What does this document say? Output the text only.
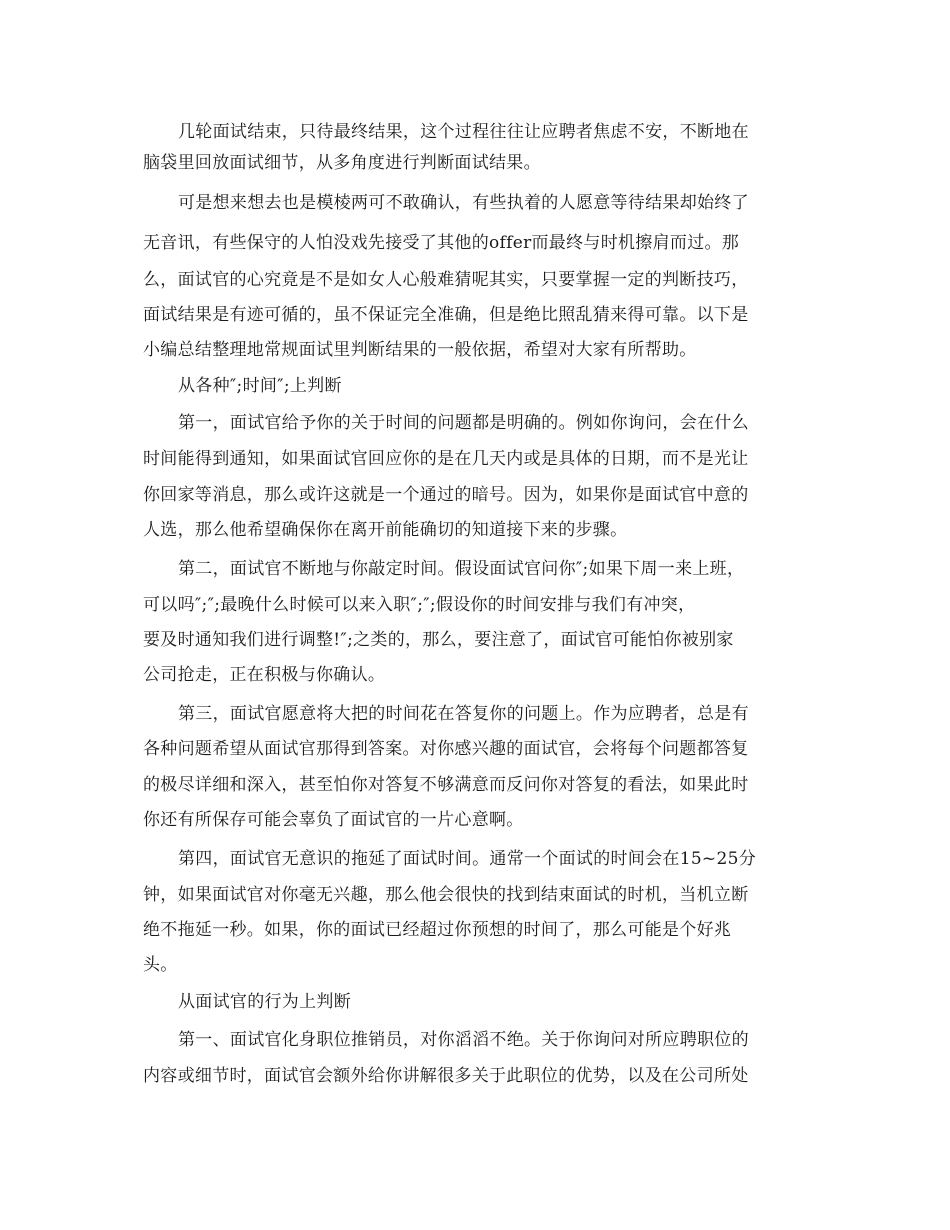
几轮面试结束，只待最终结果，这个过程往往让应聘者焦虑不安，不断地在
脑袋里回放面试细节，从多角度进行判断面试结果。
可是想来想去也是模棱两可不敢确认，有些执着的人愿意等待结果却始终了
无音讯，有些保守的人怕没戏先接受了其他的offer而最终与时机擦肩而过。那
么，面试官的心究竟是不是如女人心般难猜呢其实，只要掌握一定的判断技巧，
面试结果是有迹可循的，虽不保证完全准确，但是绝比照乱猜来得可靠。以下是
小编总结整理地常规面试里判断结果的一般依据，希望对大家有所帮助。
从各种″;时间″;上判断
第一，面试官给予你的关于时间的问题都是明确的。例如你询问，会在什么
时间能得到通知，如果面试官回应你的是在几天内或是具体的日期，而不是光让
你回家等消息，那么或许这就是一个通过的暗号。因为，如果你是面试官中意的
人选，那么他希望确保你在离开前能确切的知道接下来的步骤。
第二，面试官不断地与你敲定时间。假设面试官问你″;如果下周一来上班，
可以吗″;″;最晚什么时候可以来入职″;″;假设你的时间安排与我们有冲突，
要及时通知我们进行调整!″;之类的，那么，要注意了，面试官可能怕你被别家
公司抢走，正在积极与你确认。
第三，面试官愿意将大把的时间花在答复你的问题上。作为应聘者，总是有
各种问题希望从面试官那得到答案。对你感兴趣的面试官，会将每个问题都答复
的极尽详细和深入，甚至怕你对答复不够满意而反问你对答复的看法，如果此时
你还有所保存可能会辜负了面试官的一片心意啊。
第四，面试官无意识的拖延了面试时间。通常一个面试的时间会在15~25分
钟，如果面试官对你毫无兴趣，那么他会很快的找到结束面试的时机，当机立断
绝不拖延一秒。如果，你的面试已经超过你预想的时间了，那么可能是个好兆
头。
从面试官的行为上判断
第一、面试官化身职位推销员，对你滔滔不绝。关于你询问对所应聘职位的
内容或细节时，面试官会额外给你讲解很多关于此职位的优势，以及在公司所处
